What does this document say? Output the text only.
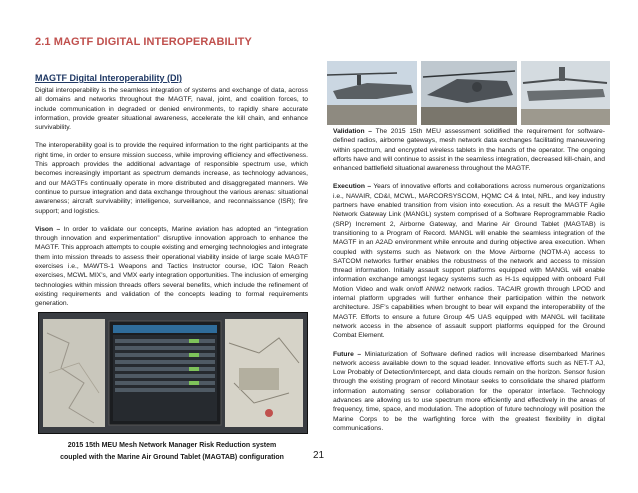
2.1 MAGTF DIGITAL INTEROPERABILITY
MAGTF Digital Interoperability (DI)

Digital interoperability is the seamless integration of systems and exchange of data, across all domains and networks throughout the MAGTF, naval, joint, and coalition forces, to include communication in degraded or denied environments, to rapidly share accurate information, provide greater situational awareness, accelerate the kill chain, and enhance survivability.

The interoperability goal is to provide the required information to the right participants at the right time, in order to ensure mission success, while improving efficiency and effectiveness. This approach provides the additional advantage of responsible spectrum use, which becomes increasingly important as spectrum demands increase, as technology advances, and our MAGTFs continually operate in more distributed and disaggregated manners. We continue to pursue integration and data exchange throughout the various arenas: situational awareness; aircraft survivability; intelligence, surveillance, and reconnaissance (ISR); fire support; and logistics.

Vison – In order to validate our concepts, Marine aviation has adopted an “integration through innovation and experimentation” disruptive innovation approach to enhance the MAGTF. This approach attempts to couple existing and emerging technologies and integrate them into mission threads to assess their operational viability inside of large scale MAGTF exercises i.e., MAWTS-1 Weapons and Tactics Instructor course, IOC Talon Reach exercises, MCWL MIX’s, and VMX early integration opportunities. The inclusion of emerging technologies within mission threads offers several benefits, which include the refinement of existing requirements and validation of the concepts leading to formal requirements generation.

2015 15th MEU Mesh Network Manager Risk Reduction system
coupled with the Marine Air Ground Tablet (MAGTAB) configuration

Validation – The 2015 15th MEU assessment solidified the requirement for software-defined radios, airborne gateways, mesh network data exchanges facilitating maneuvering within spectrum, and encrypted wireless tablets in the hands of the operator. The ongoing efforts have and will continue to assist in the seamless integration, decreased kill-chain, and enhanced battlefield situational awareness throughout the MAGTF.

Execution – Years of innovative efforts and collaborations across numerous organizations i.e., NAVAIR, CD&I, MCWL, MARCORSYSCOM, HQMC C4 & Intel, NRL, and key industry partners have enabled transition from vision into execution. As a result the MAGTF Agile Network Gateway Link (MANGL) system comprised of a Software Reprogrammable Radio (SRP) Increment 2, Airborne Gateway, and Marine Air Ground Tablet (MAGTAB) is transitioning to a Program of Record. MANGL will enable the seamless integration of the MAGTF in an A2AD environment while enroute and during objective area execution. When coupled with systems such as Network on the Move Airborne (NOTM-A) access to SATCOM networks further enables the robustness of the network and access to mission thread information. Initially assault support platforms equipped with MANGL will enable information exchange amongst legacy systems such as H-1s equipped with onboard Full Motion Video and walk on/off ANW2 network radios. TACAIR growth through LPOD and internal platform upgrades will further enhance their participation within the network architecture. JSF’s capabilities when brought to bear will expand the interoperability of the MAGTF. Efforts to ensure a future Group 4/5 UAS equipped with MANGL will facilitate network access in the absence of assault support platforms equipped for the Ground Combat Element.

Future – Miniaturization of Software defined radios will increase disembarked Marines network access available down to the squad leader. Innovative efforts such as NET-T AJ, Low Probably of Detection/Intercept, and data clouds remain on the horizon. Sensor fusion through the existing program of record Minotaur seeks to consolidate the shared platform information automating sensor collaboration for the operator interface. Technology advances are allowing us to use spectrum more efficiently and effectively in the areas of frequency, time, space, and modulation. The adoption of future technology will position the Marine Corps to be the warfighting force with the greatest flexibility in digital communications.

21
